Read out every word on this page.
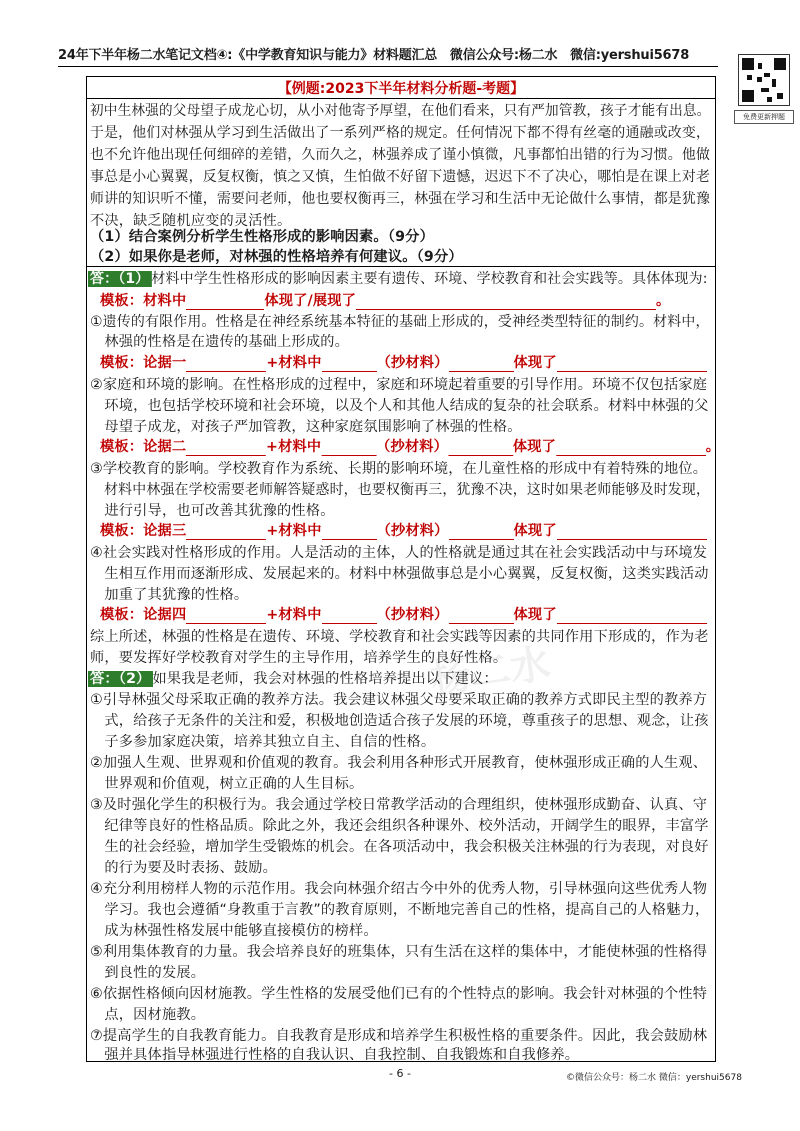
24年下半年杨二水笔记文档④:《中学教育知识与能力》材料题汇总　微信公众号:杨二水　微信:yershui5678
免费更新押题
【例题:2023下半年材料分析题-考题】
杨二水
初中生林强的父母望子成龙心切，从小对他寄予厚望，在他们看来，只有严加管教，孩子才能有出息。
于是，他们对林强从学习到生活做出了一系列严格的规定。任何情况下都不得有丝毫的通融或改变，
也不允许他出现任何细碎的差错，久而久之，林强养成了谨小慎微，凡事都怕出错的行为习惯。他做
事总是小心翼翼，反复权衡，慎之又慎，生怕做不好留下遗憾，迟迟下不了决心，哪怕是在课上对老
师讲的知识听不懂，需要问老师，他也要权衡再三，林强在学习和生活中无论做什么事情，都是犹豫
不决，缺乏随机应变的灵活性。
（1）结合案例分析学生性格形成的影响因素。（9分）
（2）如果你是老师，对林强的性格培养有何建议。（9分）
答：（1） 材料中学生性格形成的影响因素主要有遗传、环境、学校教育和社会实践等。具体体现为:
模板：材料中	体现了/展现了	。
①遗传的有限作用。性格是在神经系统基本特征的基础上形成的，受神经类型特征的制约。材料中，
　林强的性格是在遗传的基础上形成的。
模板：论据一	+材料中	（抄材料）	体现了
②家庭和环境的影响。在性格形成的过程中，家庭和环境起着重要的引导作用。环境不仅包括家庭
　环境，也包括学校环境和社会环境，以及个人和其他人结成的复杂的社会联系。材料中林强的父
　母望子成龙，对孩子严加管教，这种家庭氛围影响了林强的性格。
模板：论据二	+材料中	（抄材料）	体现了	。
③学校教育的影响。学校教育作为系统、长期的影响环境，在儿童性格的形成中有着特殊的地位。
　材料中林强在学校需要老师解答疑惑时，也要权衡再三，犹豫不决，这时如果老师能够及时发现，
　进行引导，也可改善其犹豫的性格。
模板：论据三	+材料中	（抄材料）	体现了
④社会实践对性格形成的作用。人是活动的主体，人的性格就是通过其在社会实践活动中与环境发
　生相互作用而逐渐形成、发展起来的。材料中林强做事总是小心翼翼，反复权衡，这类实践活动
　加重了其犹豫的性格。
模板：论据四	+材料中	（抄材料）	体现了
综上所述，林强的性格是在遗传、环境、学校教育和社会实践等因素的共同作用下形成的，作为老
师，要发挥好学校教育对学生的主导作用，培养学生的良好性格。
答：（2） 如果我是老师，我会对林强的性格培养提出以下建议：
①引导林强父母采取正确的教养方法。我会建议林强父母要采取正确的教养方式即民主型的教养方
　式，给孩子无条件的关注和爱，积极地创造适合孩子发展的环境，尊重孩子的思想、观念，让孩
　子多参加家庭决策，培养其独立自主、自信的性格。
②加强人生观、世界观和价值观的教育。我会利用各种形式开展教育，使林强形成正确的人生观、
　世界观和价值观，树立正确的人生目标。
③及时强化学生的积极行为。我会通过学校日常教学活动的合理组织，使林强形成勤奋、认真、守
　纪律等良好的性格品质。除此之外，我还会组织各种课外、校外活动，开阔学生的眼界，丰富学
　生的社会经验，增加学生受锻炼的机会。在各项活动中，我会积极关注林强的行为表现，对良好
　的行为要及时表扬、鼓励。
④充分利用榜样人物的示范作用。我会向林强介绍古今中外的优秀人物，引导林强向这些优秀人物
　学习。我也会遵循“身教重于言教”的教育原则，不断地完善自己的性格，提高自己的人格魅力，
　成为林强性格发展中能够直接模仿的榜样。
⑤利用集体教育的力量。我会培养良好的班集体，只有生活在这样的集体中，才能使林强的性格得
　到良性的发展。
⑥依据性格倾向因材施教。学生性格的发展受他们已有的个性特点的影响。我会针对林强的个性特
　点，因材施教。
⑦提高学生的自我教育能力。自我教育是形成和培养学生积极性格的重要条件。因此，我会鼓励林
　强并具体指导林强进行性格的自我认识、自我控制、自我锻炼和自我修养。
- 6 -	©微信公众号：杨二水 微信：yershui5678
